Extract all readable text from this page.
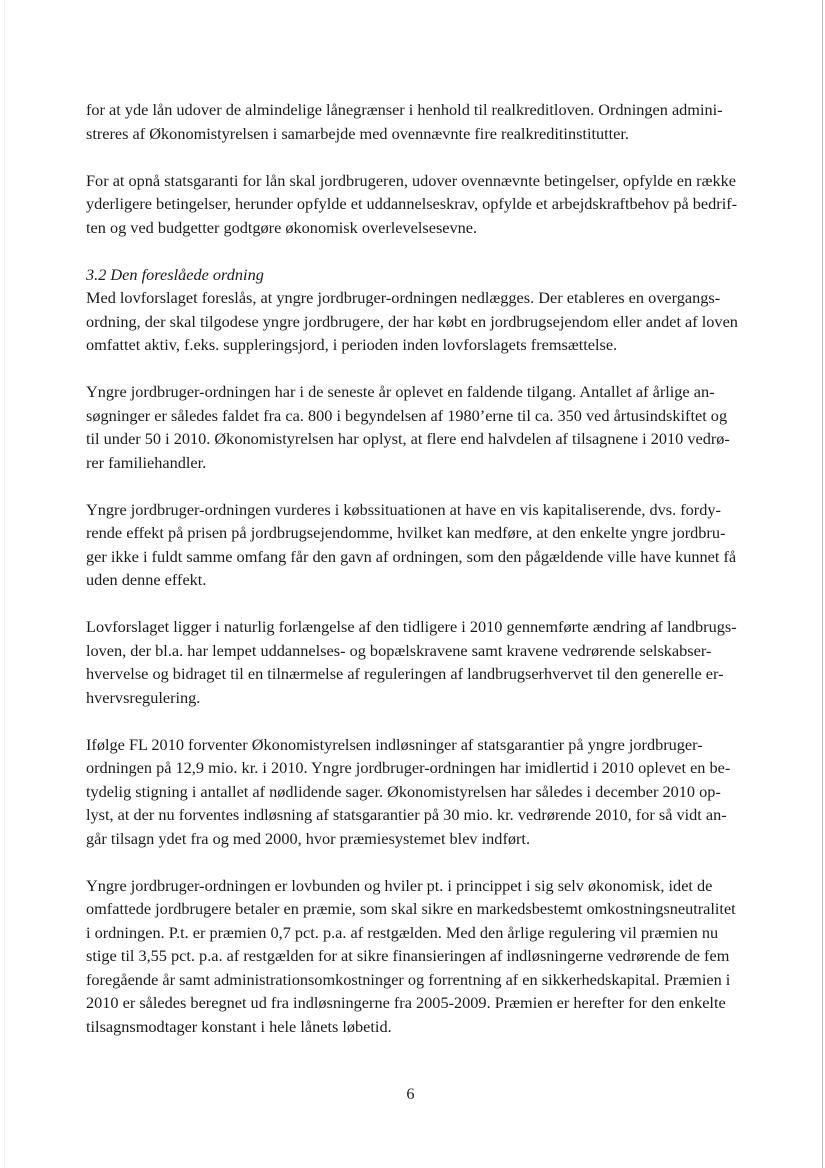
for at yde lån udover de almindelige lånegrænser i henhold til realkreditloven. Ordningen admini-
streres af Økonomistyrelsen i samarbejde med ovennævnte fire realkreditinstitutter.

For at opnå statsgaranti for lån skal jordbrugeren, udover ovennævnte betingelser, opfylde en række
yderligere betingelser, herunder opfylde et uddannelseskrav, opfylde et arbejdskraftbehov på bedrif-
ten og ved budgetter godtgøre økonomisk overlevelsesevne.

3.2 Den foreslåede ordning
Med lovforslaget foreslås, at yngre jordbruger-ordningen nedlægges. Der etableres en overgangs-
ordning, der skal tilgodese yngre jordbrugere, der har købt en jordbrugsejendom eller andet af loven
omfattet aktiv, f.eks. suppleringsjord, i perioden inden lovforslagets fremsættelse.

Yngre jordbruger-ordningen har i de seneste år oplevet en faldende tilgang. Antallet af årlige an-
søgninger er således faldet fra ca. 800 i begyndelsen af 1980’erne til ca. 350 ved årtusindskiftet og
til under 50 i 2010. Økonomistyrelsen har oplyst, at flere end halvdelen af tilsagnene i 2010 vedrø-
rer familiehandler.

Yngre jordbruger-ordningen vurderes i købssituationen at have en vis kapitaliserende, dvs. fordy-
rende effekt på prisen på jordbrugsejendomme, hvilket kan medføre, at den enkelte yngre jordbru-
ger ikke i fuldt samme omfang får den gavn af ordningen, som den pågældende ville have kunnet få
uden denne effekt.

Lovforslaget ligger i naturlig forlængelse af den tidligere i 2010 gennemførte ændring af landbrugs-
loven, der bl.a. har lempet uddannelses- og bopælskravene samt kravene vedrørende selskabser-
hvervelse og bidraget til en tilnærmelse af reguleringen af landbrugserhvervet til den generelle er-
hvervsregulering.

Ifølge FL 2010 forventer Økonomistyrelsen indløsninger af statsgarantier på yngre jordbruger-
ordningen på 12,9 mio. kr. i 2010. Yngre jordbruger-ordningen har imidlertid i 2010 oplevet en be-
tydelig stigning i antallet af nødlidende sager. Økonomistyrelsen har således i december 2010 op-
lyst, at der nu forventes indløsning af statsgarantier på 30 mio. kr. vedrørende 2010, for så vidt an-
går tilsagn ydet fra og med 2000, hvor præmiesystemet blev indført.

Yngre jordbruger-ordningen er lovbunden og hviler pt. i princippet i sig selv økonomisk, idet de
omfattede jordbrugere betaler en præmie, som skal sikre en markedsbestemt omkostningsneutralitet
i ordningen. P.t. er præmien 0,7 pct. p.a. af restgælden. Med den årlige regulering vil præmien nu
stige til 3,55 pct. p.a. af restgælden for at sikre finansieringen af indløsningerne vedrørende de fem
foregående år samt administrationsomkostninger og forrentning af en sikkerhedskapital. Præmien i
2010 er således beregnet ud fra indløsningerne fra 2005-2009. Præmien er herefter for den enkelte
tilsagnsmodtager konstant i hele lånets løbetid.

6
